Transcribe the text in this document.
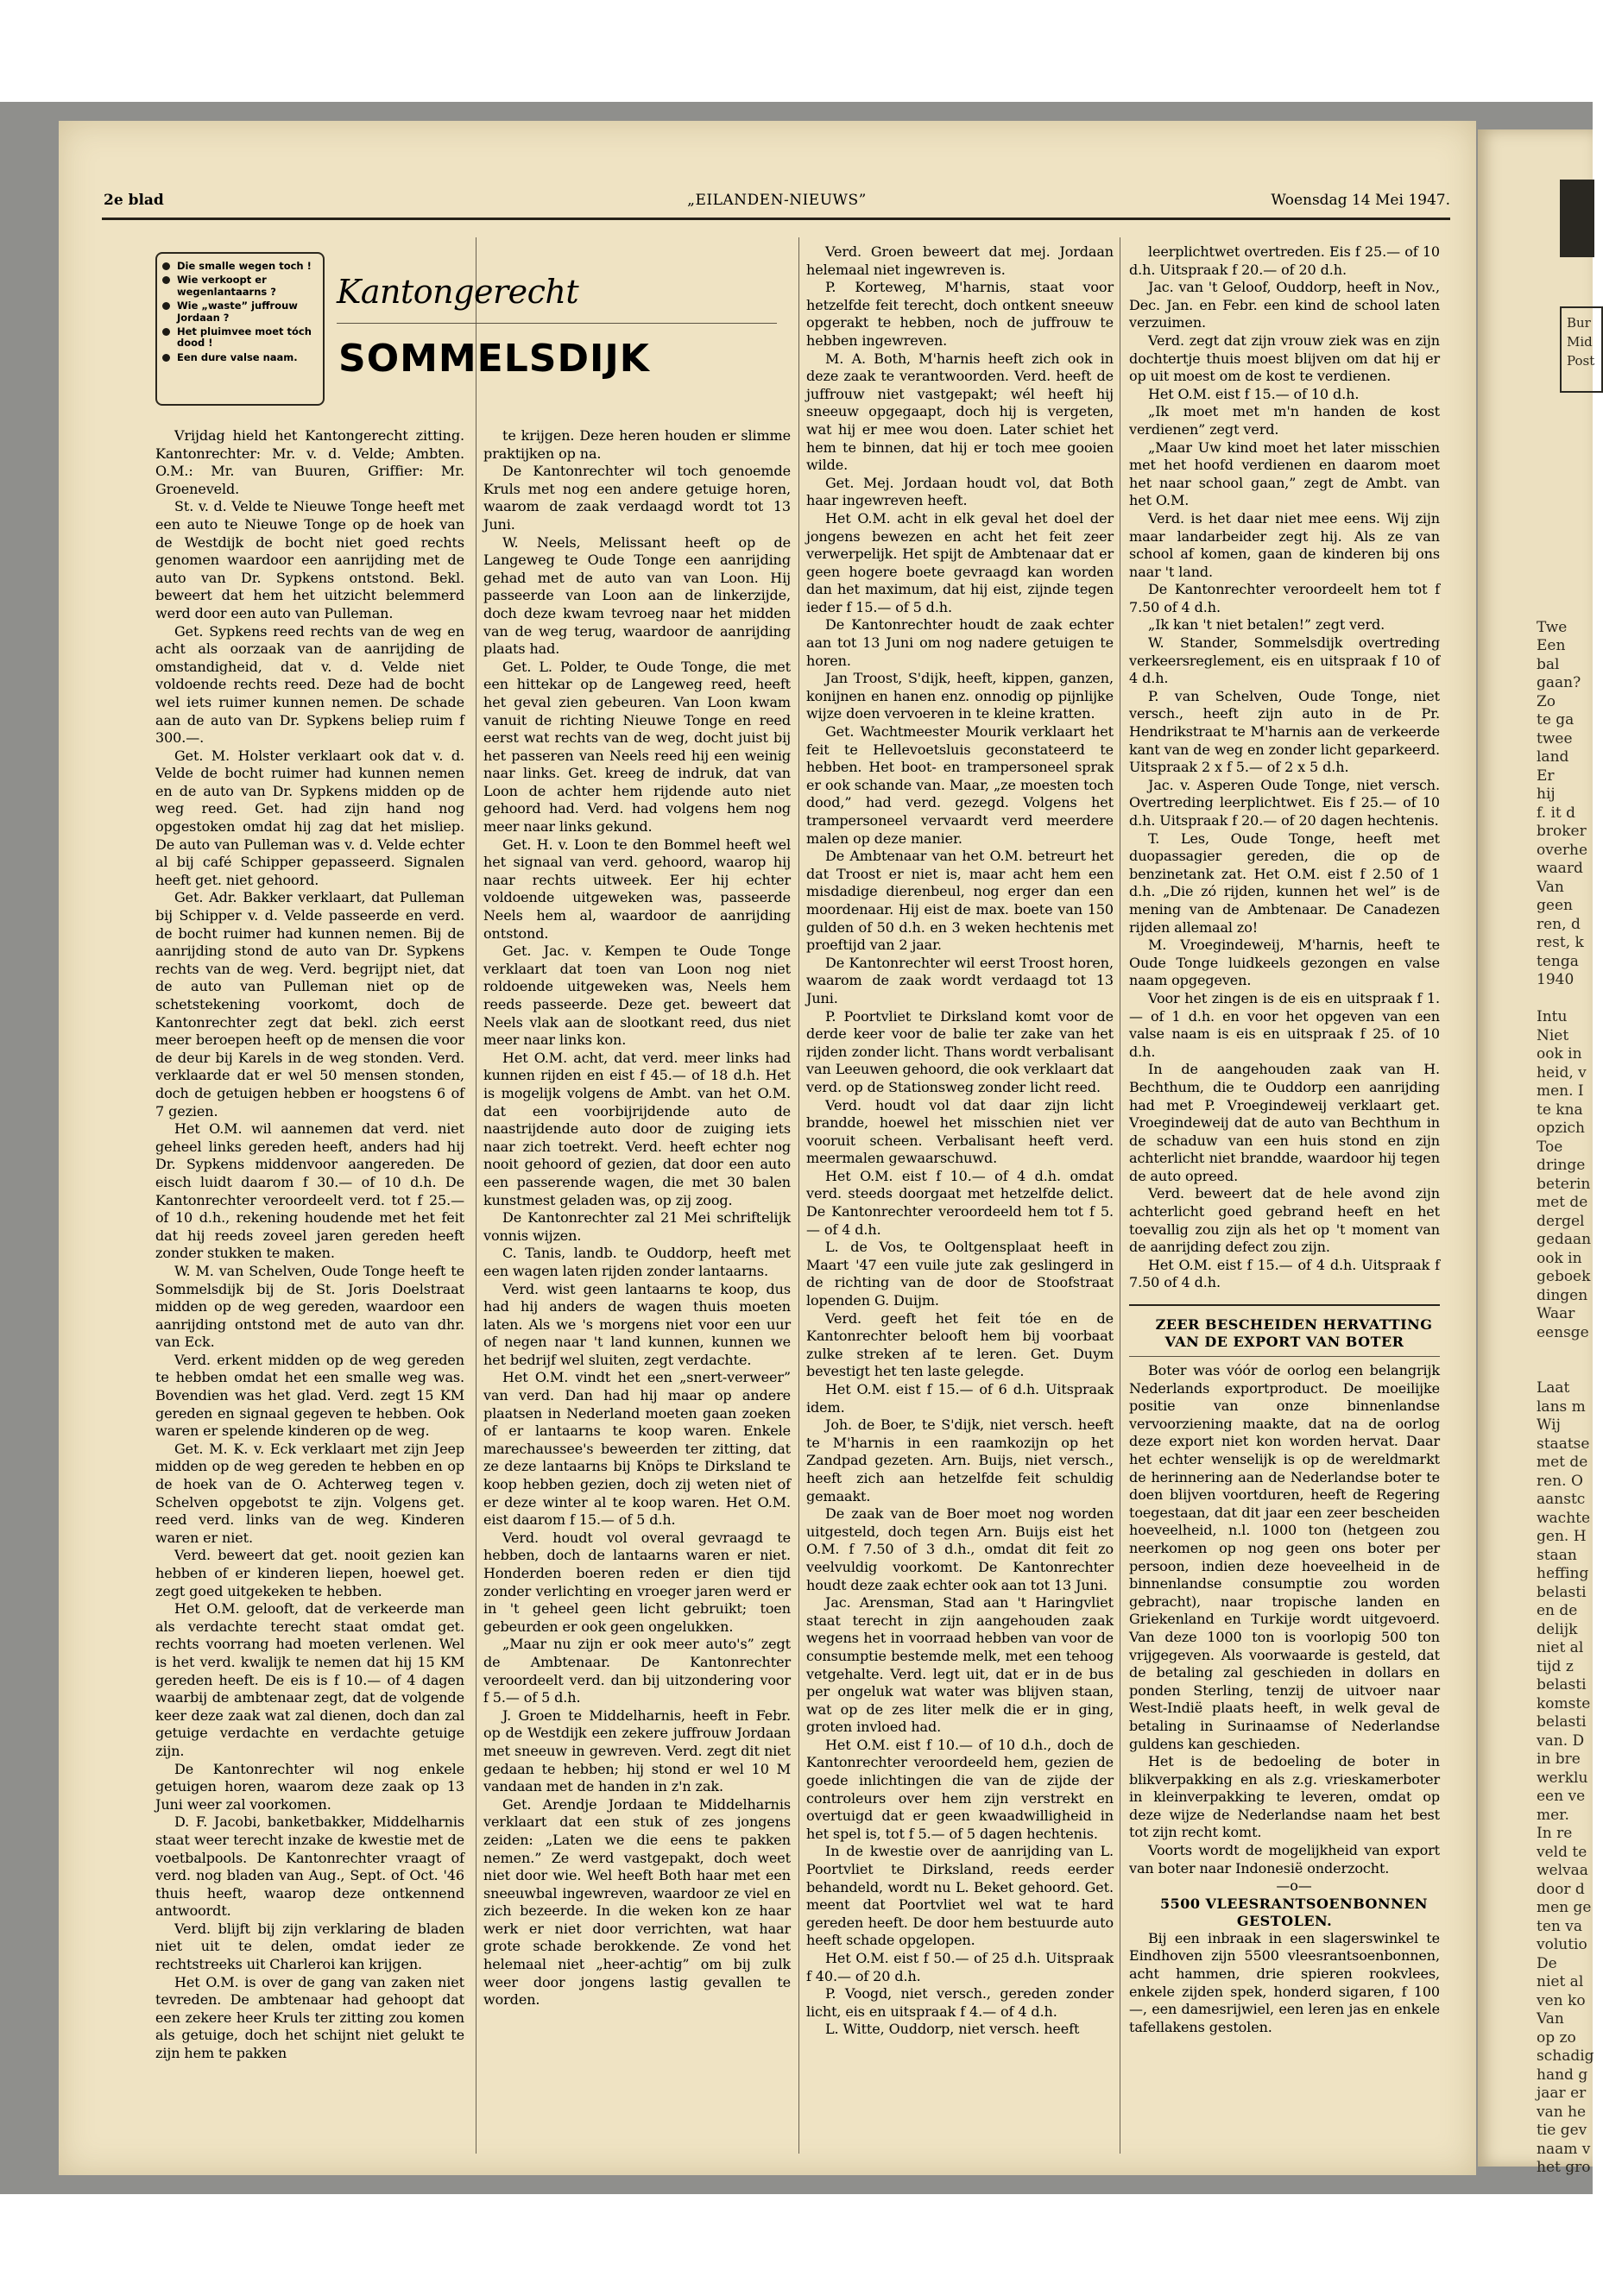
Bur
Mid
Post

Twe
Een
bal
gaan?
Zo
te ga
twee
land
Er
hij
f. it d
broker
overhe
waard
Van
geen
ren, d
rest, k
tenga
1940

Intu
Niet
ook in
heid, v
men. I
te kna
opzich
Toe
dringe
beterin
met de
dergel
gedaan
ook in
geboek
dingen
Waar
eensge

Laat
lans m
Wij
staatse
met de
ren. O
aanstc
wachte
gen. H
staan
heffing
belasti
en de
delijk
niet al
tijd z
belasti
komste
belasti
van. D
in bre
werklu
een ve
mer.
In re
veld te
welvaa
door d
men ge
ten va
volutio
De
niet al
ven ko
Van
op zo
schadig
hand g
jaar er
van he
tie gev
naam v
het gro
2e blad	„EILANDEN-NIEUWS”	Woensdag 14 Mei 1947.
Die smalle wegen toch !
Wie verkoopt er wegenlantaarns ?
Wie „waste” juffrouw Jordaan ?
Het pluimvee moet tóch dood !
Een dure valse naam.
Kantongerecht
SOMMELSDIJK

Vrijdag hield het Kantongerecht zitting. Kantonrechter: Mr. v. d. Velde; Ambten. O.M.: Mr. van Buuren, Griffier: Mr. Groeneveld.

St. v. d. Velde te Nieuwe Tonge heeft met een auto te Nieuwe Tonge op de hoek van de Westdijk de bocht niet goed rechts genomen waardoor een aanrijding met de auto van Dr. Sypkens ontstond. Bekl. beweert dat hem het uitzicht belemmerd werd door een auto van Pulleman.

Get. Sypkens reed rechts van de weg en acht als oorzaak van de aanrijding de omstandigheid, dat v. d. Velde niet voldoende rechts reed. Deze had de bocht wel iets ruimer kunnen nemen. De schade aan de auto van Dr. Sypkens beliep ruim f 300.—.

Get. M. Holster verklaart ook dat v. d. Velde de bocht ruimer had kunnen nemen en de auto van Dr. Sypkens midden op de weg reed. Get. had zijn hand nog opgestoken omdat hij zag dat het misliep. De auto van Pulleman was v. d. Velde echter al bij café Schipper gepasseerd. Signalen heeft get. niet gehoord.

Get. Adr. Bakker verklaart, dat Pulleman bij Schipper v. d. Velde passeerde en verd. de bocht ruimer had kunnen nemen. Bij de aanrijding stond de auto van Dr. Sypkens rechts van de weg. Verd. begrijpt niet, dat de auto van Pulleman niet op de schetstekening voorkomt, doch de Kantonrechter zegt dat bekl. zich eerst meer beroepen heeft op de mensen die voor de deur bij Karels in de weg stonden. Verd. verklaarde dat er wel 50 mensen stonden, doch de getuigen hebben er hoogstens 6 of 7 gezien.

Het O.M. wil aannemen dat verd. niet geheel links gereden heeft, anders had hij Dr. Sypkens middenvoor aangereden. De eisch luidt daarom f 30.— of 10 d.h. De Kantonrechter veroordeelt verd. tot f 25.— of 10 d.h., rekening houdende met het feit dat hij reeds zoveel jaren gereden heeft zonder stukken te maken.

W. M. van Schelven, Oude Tonge heeft te Sommelsdijk bij de St. Joris Doelstraat midden op de weg gereden, waardoor een aanrijding ontstond met de auto van dhr. van Eck.

Verd. erkent midden op de weg gereden te hebben omdat het een smalle weg was. Bovendien was het glad. Verd. zegt 15 KM gereden en signaal gegeven te hebben. Ook waren er spelende kinderen op de weg.

Get. M. K. v. Eck verklaart met zijn Jeep midden op de weg gereden te hebben en op de hoek van de O. Achterweg tegen v. Schelven opgebotst te zijn. Volgens get. reed verd. links van de weg. Kinderen waren er niet.

Verd. beweert dat get. nooit gezien kan hebben of er kinderen liepen, hoewel get. zegt goed uitgekeken te hebben.

Het O.M. gelooft, dat de verkeerde man als verdachte terecht staat omdat get. rechts voorrang had moeten verlenen. Wel is het verd. kwalijk te nemen dat hij 15 KM gereden heeft. De eis is f 10.— of 4 dagen waarbij de ambtenaar zegt, dat de volgende keer deze zaak wat zal dienen, doch dan zal getuige verdachte en verdachte getuige zijn.

De Kantonrechter wil nog enkele getuigen horen, waarom deze zaak op 13 Juni weer zal voorkomen.

D. F. Jacobi, banketbakker, Middelharnis staat weer terecht inzake de kwestie met de voetbalpools. De Kantonrechter vraagt of verd. nog bladen van Aug., Sept. of Oct. '46 thuis heeft, waarop deze ontkennend antwoordt.

Verd. blijft bij zijn verklaring de bladen niet uit te delen, omdat ieder ze rechtstreeks uit Charleroi kan krijgen.

Het O.M. is over de gang van zaken niet tevreden. De ambtenaar had gehoopt dat een zekere heer Kruls ter zitting zou komen als getuige, doch het schijnt niet gelukt te zijn hem te pakken

te krijgen. Deze heren houden er slimme praktijken op na.

De Kantonrechter wil toch genoemde Kruls met nog een andere getuige horen, waarom de zaak verdaagd wordt tot 13 Juni.

W. Neels, Melissant heeft op de Langeweg te Oude Tonge een aanrijding gehad met de auto van van Loon. Hij passeerde van Loon aan de linkerzijde, doch deze kwam tevroeg naar het midden van de weg terug, waardoor de aanrijding plaats had.

Get. L. Polder, te Oude Tonge, die met een hittekar op de Langeweg reed, heeft het geval zien gebeuren. Van Loon kwam vanuit de richting Nieuwe Tonge en reed eerst wat rechts van de weg, docht juist bij het passeren van Neels reed hij een weinig naar links. Get. kreeg de indruk, dat van Loon de achter hem rijdende auto niet gehoord had. Verd. had volgens hem nog meer naar links gekund.

Get. H. v. Loon te den Bommel heeft wel het signaal van verd. gehoord, waarop hij naar rechts uitweek. Eer hij echter voldoende uitgeweken was, passeerde Neels hem al, waardoor de aanrijding ontstond.

Get. Jac. v. Kempen te Oude Tonge verklaart dat toen van Loon nog niet roldoende uitgeweken was, Neels hem reeds passeerde. Deze get. beweert dat Neels vlak aan de slootkant reed, dus niet meer naar links kon.

Het O.M. acht, dat verd. meer links had kunnen rijden en eist f 45.— of 18 d.h. Het is mogelijk volgens de Ambt. van het O.M. dat een voorbijrijdende auto de naastrijdende auto door de zuiging iets naar zich toetrekt. Verd. heeft echter nog nooit gehoord of gezien, dat door een auto een passerende wagen, die met 30 balen kunstmest geladen was, op zij zoog.

De Kantonrechter zal 21 Mei schriftelijk vonnis wijzen.

C. Tanis, landb. te Ouddorp, heeft met een wagen laten rijden zonder lantaarns.

Verd. wist geen lantaarns te koop, dus had hij anders de wagen thuis moeten laten. Als we 's morgens niet voor een uur of negen naar 't land kunnen, kunnen we het bedrijf wel sluiten, zegt verdachte.

Het O.M. vindt het een „snert-verweer” van verd. Dan had hij maar op andere plaatsen in Nederland moeten gaan zoeken of er lantaarns te koop waren. Enkele marechaussee's beweerden ter zitting, dat ze deze lantaarns bij Knöps te Dirksland te koop hebben gezien, doch zij weten niet of er deze winter al te koop waren. Het O.M. eist daarom f 15.— of 5 d.h.

Verd. houdt vol overal gevraagd te hebben, doch de lantaarns waren er niet. Honderden boeren reden er dien tijd zonder verlichting en vroeger jaren werd er in 't geheel geen licht gebruikt; toen gebeurden er ook geen ongelukken.

„Maar nu zijn er ook meer auto's” zegt de Ambtenaar. De Kantonrechter veroordeelt verd. dan bij uitzondering voor f 5.— of 5 d.h.

J. Groen te Middelharnis, heeft in Febr. op de Westdijk een zekere juffrouw Jordaan met sneeuw in gewreven. Verd. zegt dit niet gedaan te hebben; hij stond er wel 10 M vandaan met de handen in z'n zak.

Get. Arendje Jordaan te Middelharnis verklaart dat een stuk of zes jongens zeiden: „Laten we die eens te pakken nemen.” Ze werd vastgepakt, doch weet niet door wie. Wel heeft Both haar met een sneeuwbal ingewreven, waardoor ze viel en zich bezeerde. In die weken kon ze haar werk er niet door verrichten, wat haar grote schade berokkende. Ze vond het helemaal niet „heer-achtig” om bij zulk weer door jongens lastig gevallen te worden.

Verd. Groen beweert dat mej. Jordaan helemaal niet ingewreven is.

P. Korteweg, M'harnis, staat voor hetzelfde feit terecht, doch ontkent sneeuw opgerakt te hebben, noch de juffrouw te hebben ingewreven.

M. A. Both, M'harnis heeft zich ook in deze zaak te verantwoorden. Verd. heeft de juffrouw niet vastgepakt; wél heeft hij sneeuw opgegaapt, doch hij is vergeten, wat hij er mee wou doen. Later schiet het hem te binnen, dat hij er toch mee gooien wilde.

Get. Mej. Jordaan houdt vol, dat Both haar ingewreven heeft.

Het O.M. acht in elk geval het doel der jongens bewezen en acht het feit zeer verwerpelijk. Het spijt de Ambtenaar dat er geen hogere boete gevraagd kan worden dan het maximum, dat hij eist, zijnde tegen ieder f 15.— of 5 d.h.

De Kantonrechter houdt de zaak echter aan tot 13 Juni om nog nadere getuigen te horen.

Jan Troost, S'dijk, heeft, kippen, ganzen, konijnen en hanen enz. onnodig op pijnlijke wijze doen vervoeren in te kleine kratten.

Get. Wachtmeester Mourik verklaart het feit te Hellevoetsluis geconstateerd te hebben. Het boot- en trampersoneel sprak er ook schande van. Maar, „ze moesten toch dood,” had verd. gezegd. Volgens het trampersoneel vervaardt verd meerdere malen op deze manier.

De Ambtenaar van het O.M. betreurt het dat Troost er niet is, maar acht hem een misdadige dierenbeul, nog erger dan een moordenaar. Hij eist de max. boete van 150 gulden of 50 d.h. en 3 weken hechtenis met proeftijd van 2 jaar.

De Kantonrechter wil eerst Troost horen, waarom de zaak wordt verdaagd tot 13 Juni.

P. Poortvliet te Dirksland komt voor de derde keer voor de balie ter zake van het rijden zonder licht. Thans wordt verbalisant van Leeuwen gehoord, die ook verklaart dat verd. op de Stationsweg zonder licht reed.

Verd. houdt vol dat daar zijn licht brandde, hoewel het misschien niet ver vooruit scheen. Verbalisant heeft verd. meermalen gewaarschuwd.

Het O.M. eist f 10.— of 4 d.h. omdat verd. steeds doorgaat met hetzelfde delict. De Kantonrechter veroordeeld hem tot f 5.— of 4 d.h.

L. de Vos, te Ooltgensplaat heeft in Maart '47 een vuile jute zak geslingerd in de richting van de door de Stoofstraat lopenden G. Duijm.

Verd. geeft het feit tóe en de Kantonrechter belooft hem bij voorbaat zulke streken af te leren. Get. Duym bevestigt het ten laste gelegde.

Het O.M. eist f 15.— of 6 d.h. Uitspraak idem.

Joh. de Boer, te S'dijk, niet versch. heeft te M'harnis in een raamkozijn op het Zandpad gezeten. Arn. Buijs, niet versch., heeft zich aan hetzelfde feit schuldig gemaakt.

De zaak van de Boer moet nog worden uitgesteld, doch tegen Arn. Buijs eist het O.M. f 7.50 of 3 d.h., omdat dit feit zo veelvuldig voorkomt. De Kantonrechter houdt deze zaak echter ook aan tot 13 Juni.

Jac. Arensman, Stad aan 't Haringvliet staat terecht in zijn aangehouden zaak wegens het in voorraad hebben van voor de consumptie bestemde melk, met een tehoog vetgehalte. Verd. legt uit, dat er in de bus per ongeluk wat water was blijven staan, wat op de zes liter melk die er in ging, groten invloed had.

Het O.M. eist f 10.— of 10 d.h., doch de Kantonrechter veroordeeld hem, gezien de goede inlichtingen die van de zijde der controleurs over hem zijn verstrekt en overtuigd dat er geen kwaadwilligheid in het spel is, tot f 5.— of 5 dagen hechtenis.

In de kwestie over de aanrijding van L. Poortvliet te Dirksland, reeds eerder behandeld, wordt nu L. Beket gehoord. Get. meent dat Poortvliet wel wat te hard gereden heeft. De door hem bestuurde auto heeft schade opgelopen.

Het O.M. eist f 50.— of 25 d.h. Uitspraak f 40.— of 20 d.h.

P. Voogd, niet versch., gereden zonder licht, eis en uitspraak f 4.— of 4 d.h.

L. Witte, Ouddorp, niet versch. heeft

leerplichtwet overtreden. Eis f 25.— of 10 d.h. Uitspraak f 20.— of 20 d.h.

Jac. van 't Geloof, Ouddorp, heeft in Nov., Dec. Jan. en Febr. een kind de school laten verzuimen.

Verd. zegt dat zijn vrouw ziek was en zijn dochtertje thuis moest blijven om dat hij er op uit moest om de kost te verdienen.

Het O.M. eist f 15.— of 10 d.h.

„Ik moet met m'n handen de kost verdienen” zegt verd.

„Maar Uw kind moet het later misschien met het hoofd verdienen en daarom moet het naar school gaan,” zegt de Ambt. van het O.M.

Verd. is het daar niet mee eens. Wij zijn maar landarbeider zegt hij. Als ze van school af komen, gaan de kinderen bij ons naar 't land.

De Kantonrechter veroordeelt hem tot f 7.50 of 4 d.h.

„Ik kan 't niet betalen!” zegt verd.

W. Stander, Sommelsdijk overtreding verkeersreglement, eis en uitspraak f 10 of 4 d.h.

P. van Schelven, Oude Tonge, niet versch., heeft zijn auto in de Pr. Hendrikstraat te M'harnis aan de verkeerde kant van de weg en zonder licht geparkeerd. Uitspraak 2 x f 5.— of 2 x 5 d.h.

Jac. v. Asperen Oude Tonge, niet versch. Overtreding leerplichtwet. Eis f 25.— of 10 d.h. Uitspraak f 20.— of 20 dagen hechtenis.

T. Les, Oude Tonge, heeft met duopassagier gereden, die op de benzinetank zat. Het O.M. eist f 2.50 of 1 d.h. „Die zó rijden, kunnen het wel” is de mening van de Ambtenaar. De Canadezen rijden allemaal zo!

M. Vroegindeweij, M'harnis, heeft te Oude Tonge luidkeels gezongen en valse naam opgegeven.

Voor het zingen is de eis en uitspraak f 1.— of 1 d.h. en voor het opgeven van een valse naam is eis en uitspraak f 25. of 10 d.h.

In de aangehouden zaak van H. Bechthum, die te Ouddorp een aanrijding had met P. Vroegindeweij verklaart get. Vroegindeweij dat de auto van Bechthum in de schaduw van een huis stond en zijn achterlicht niet brandde, waardoor hij tegen de auto opreed.

Verd. beweert dat de hele avond zijn achterlicht goed gebrand heeft en het toevallig zou zijn als het op 't moment van de aanrijding defect zou zijn.

Het O.M. eist f 15.— of 4 d.h. Uitspraak f 7.50 of 4 d.h.

ZEER BESCHEIDEN HERVATTING VAN DE EXPORT VAN BOTER

Boter was vóór de oorlog een belangrijk Nederlands exportproduct. De moeilijke positie van onze binnenlandse vervoorziening maakte, dat na de oorlog deze export niet kon worden hervat. Daar het echter wenselijk is op de wereldmarkt de herinnering aan de Nederlandse boter te doen blijven voortduren, heeft de Regering toegestaan, dat dit jaar een zeer bescheiden hoeveelheid, n.l. 1000 ton (hetgeen zou neerkomen op nog geen ons boter per persoon, indien deze hoeveelheid in de binnenlandse consumptie zou worden gebracht), naar tropische landen en Griekenland en Turkije wordt uitgevoerd. Van deze 1000 ton is voorlopig 500 ton vrijgegeven. Als voorwaarde is gesteld, dat de betaling zal geschieden in dollars en ponden Sterling, tenzij de uitvoer naar West-Indië plaats heeft, in welk geval de betaling in Surinaamse of Nederlandse guldens kan geschieden.

Het is de bedoeling de boter in blikverpakking en als z.g. vrieskamerboter in kleinverpakking te leveren, omdat op deze wijze de Nederlandse naam het best tot zijn recht komt.

Voorts wordt de mogelijkheid van export van boter naar Indonesië onderzocht.

—o—

5500 VLEESRANTSOENBONNEN GESTOLEN.

Bij een inbraak in een slagerswinkel te Eindhoven zijn 5500 vleesrantsoenbonnen, acht hammen, drie spieren rookvlees, enkele zijden spek, honderd sigaren, f 100—, een damesrijwiel, een leren jas en enkele tafellakens gestolen.
